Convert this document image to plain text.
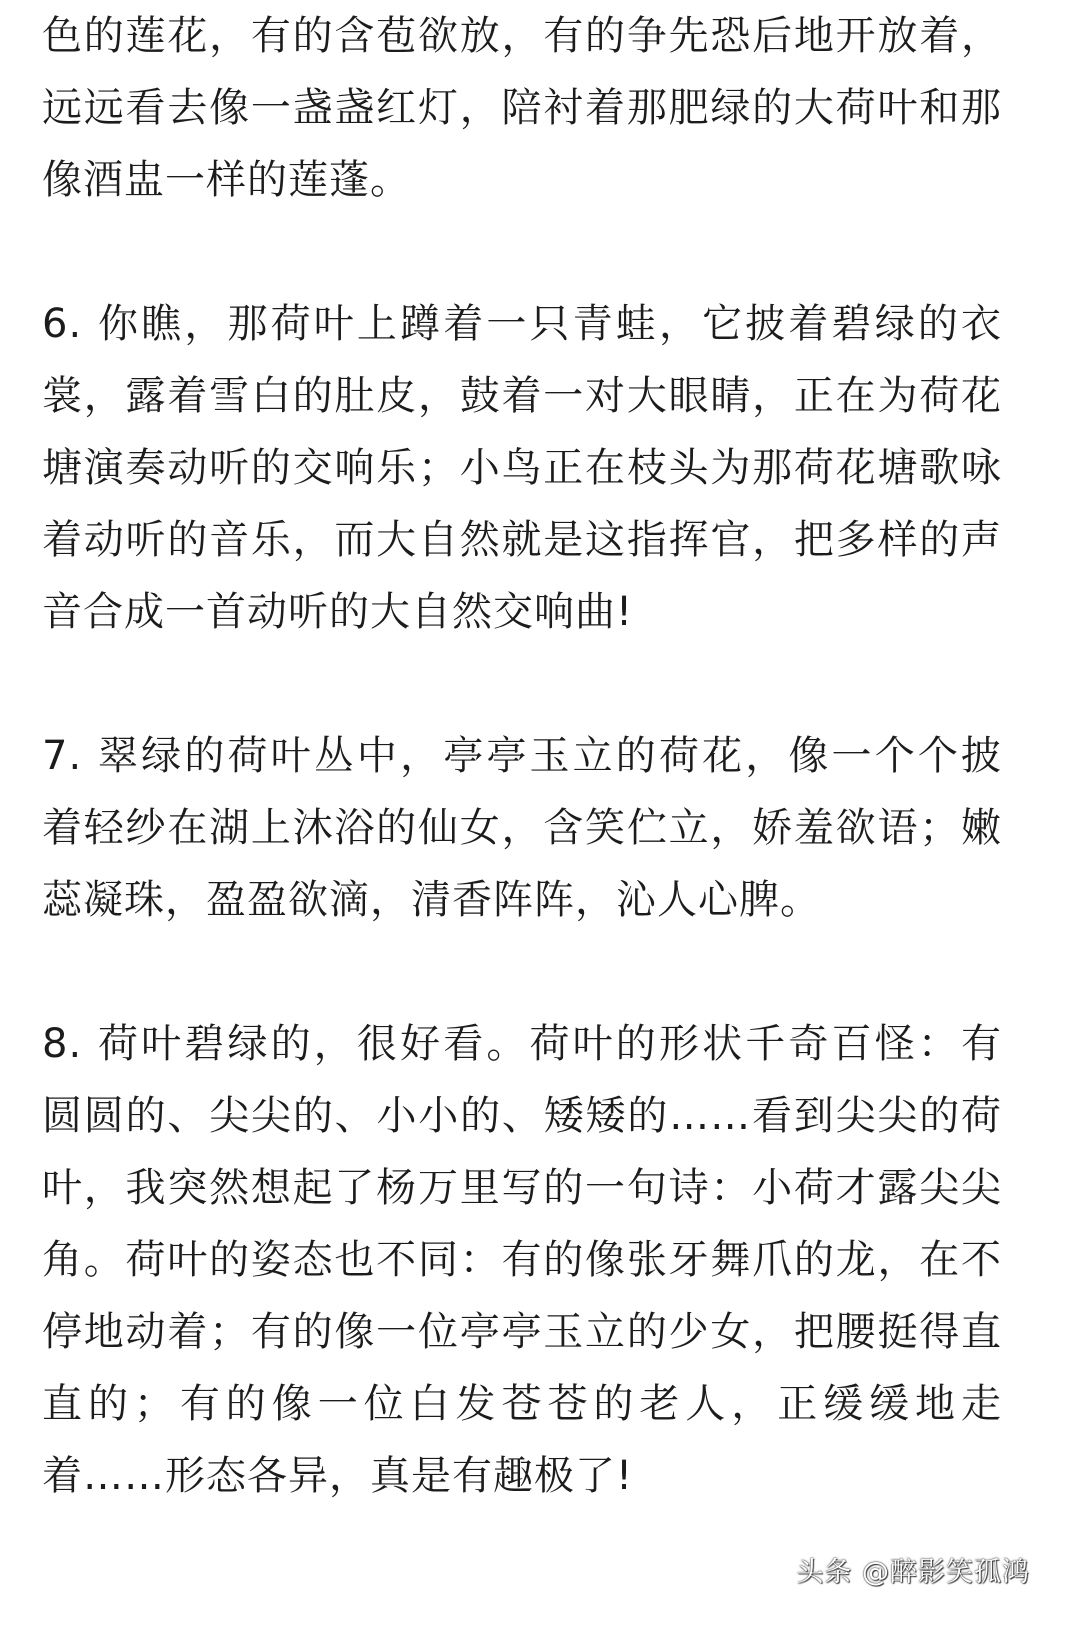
色的莲花，有的含苞欲放，有的争先恐后地开放着，
远远看去像一盏盏红灯，陪衬着那肥绿的大荷叶和那
像酒盅一样的莲蓬。
6. 你瞧，那荷叶上蹲着一只青蛙，它披着碧绿的衣
裳，露着雪白的肚皮，鼓着一对大眼睛，正在为荷花
塘演奏动听的交响乐；小鸟正在枝头为那荷花塘歌咏
着动听的音乐，而大自然就是这指挥官，把多样的声
音合成一首动听的大自然交响曲!
7. 翠绿的荷叶丛中，亭亭玉立的荷花，像一个个披
着轻纱在湖上沐浴的仙女，含笑伫立，娇羞欲语；嫩
蕊凝珠，盈盈欲滴，清香阵阵，沁人心脾。
8. 荷叶碧绿的，很好看。荷叶的形状千奇百怪：有
圆圆的、尖尖的、小小的、矮矮的……看到尖尖的荷
叶，我突然想起了杨万里写的一句诗：小荷才露尖尖
角。荷叶的姿态也不同：有的像张牙舞爪的龙，在不
停地动着；有的像一位亭亭玉立的少女，把腰挺得直
直的；有的像一位白发苍苍的老人，正缓缓地走
着……形态各异，真是有趣极了!
头条 @醉影笑孤鸿
